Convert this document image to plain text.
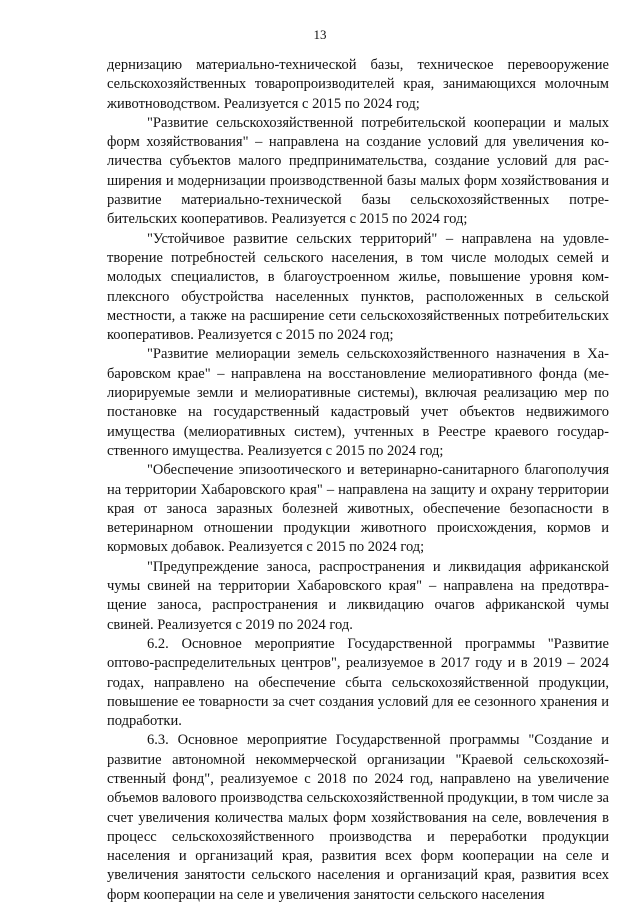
13

дернизацию материально-технической базы, техническое перевооружение сельскохозяйственных товаропроизводителей края, занимающихся молочным животноводством. Реализуется с 2015 по 2024 год;

"Развитие сельскохозяйственной потребительской кооперации и малых форм хозяйствования" – направлена на создание условий для увеличения количества субъектов малого предпринимательства, создание условий для расширения и модернизации производственной базы малых форм хозяйствования и развитие материально-технической базы сельскохозяйственных потребительских кооперативов. Реализуется с 2015 по 2024 год;

"Устойчивое развитие сельских территорий" – направлена на удовлетворение потребностей сельского населения, в том числе молодых семей и молодых специалистов, в благоустроенном жилье, повышение уровня комплексного обустройства населенных пунктов, расположенных в сельской местности, а также на расширение сети сельскохозяйственных потребительских кооперативов. Реализуется с 2015 по 2024 год;

"Развитие мелиорации земель сельскохозяйственного назначения в Хабаровском крае" – направлена на восстановление мелиоративного фонда (мелиорируемые земли и мелиоративные системы), включая реализацию мер по постановке на государственный кадастровый учет объектов недвижимого имущества (мелиоративных систем), учтенных в Реестре краевого государственного имущества. Реализуется с 2015 по 2024 год;

"Обеспечение эпизоотического и ветеринарно-санитарного благополучия на территории Хабаровского края" – направлена на защиту и охрану территории края от заноса заразных болезней животных, обеспечение безопасности в ветеринарном отношении продукции животного происхождения, кормов и кормовых добавок. Реализуется с 2015 по 2024 год;

"Предупреждение заноса, распространения и ликвидация африканской чумы свиней на территории Хабаровского края" – направлена на предотвращение заноса, распространения и ликвидацию очагов африканской чумы свиней. Реализуется с 2019 по 2024 год.

6.2. Основное мероприятие Государственной программы "Развитие оптово-распределительных центров", реализуемое в 2017 году и в 2019 – 2024 годах, направлено на обеспечение сбыта сельскохозяйственной продукции, повышение ее товарности за счет создания условий для ее сезонного хранения и подработки.

6.3. Основное мероприятие Государственной программы "Создание и развитие автономной некоммерческой организации "Краевой сельскохозяйственный фонд", реализуемое с 2018 по 2024 год, направлено на увеличение объемов валового производства сельскохозяйственной продукции, в том числе за счет увеличения количества малых форм хозяйствования на селе, вовлечения в процесс сельскохозяйственного производства и переработки продукции населения и организаций края, развития всех форм кооперации на селе и увеличения занятости сельского населения и организаций края, развития всех форм кооперации на селе и увеличения занятости сельского населения
